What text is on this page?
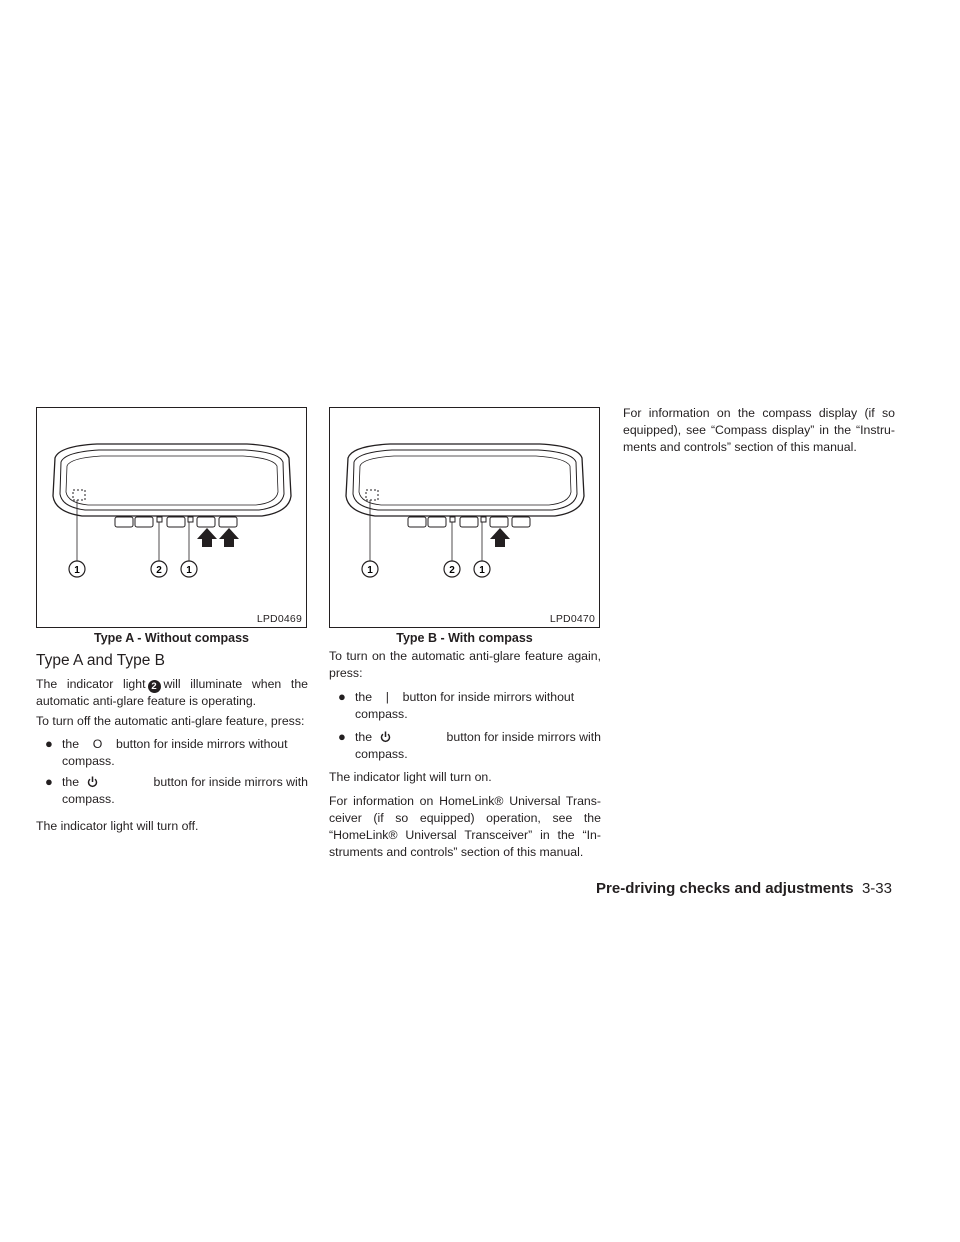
1	2 1
LPD0469
Type A - Without compass
1	2 1
LPD0470
Type B - With compass
Type A and Type B
The indicator light 2 will illuminate when the automatic anti-glare feature is operating.
To turn off the automatic anti-glare feature, press:
● the    O    button for inside mirrors without
compass.
● the	button for inside mirrors with
compass.
The indicator light will turn off.
To turn on the automatic anti-glare feature again, press:
● the    |    button for inside mirrors without
compass.
● the	button for inside mirrors with
compass.
The indicator light will turn on.
For information on HomeLink® Universal Trans- ceiver (if so equipped) operation, see the “HomeLink® Universal Transceiver” in the “In- struments and controls” section of this manual.
For information on the compass display (if so equipped), see “Compass display” in the “Instru- ments and controls” section of this manual.
Pre-driving checks and adjustments 3-33
